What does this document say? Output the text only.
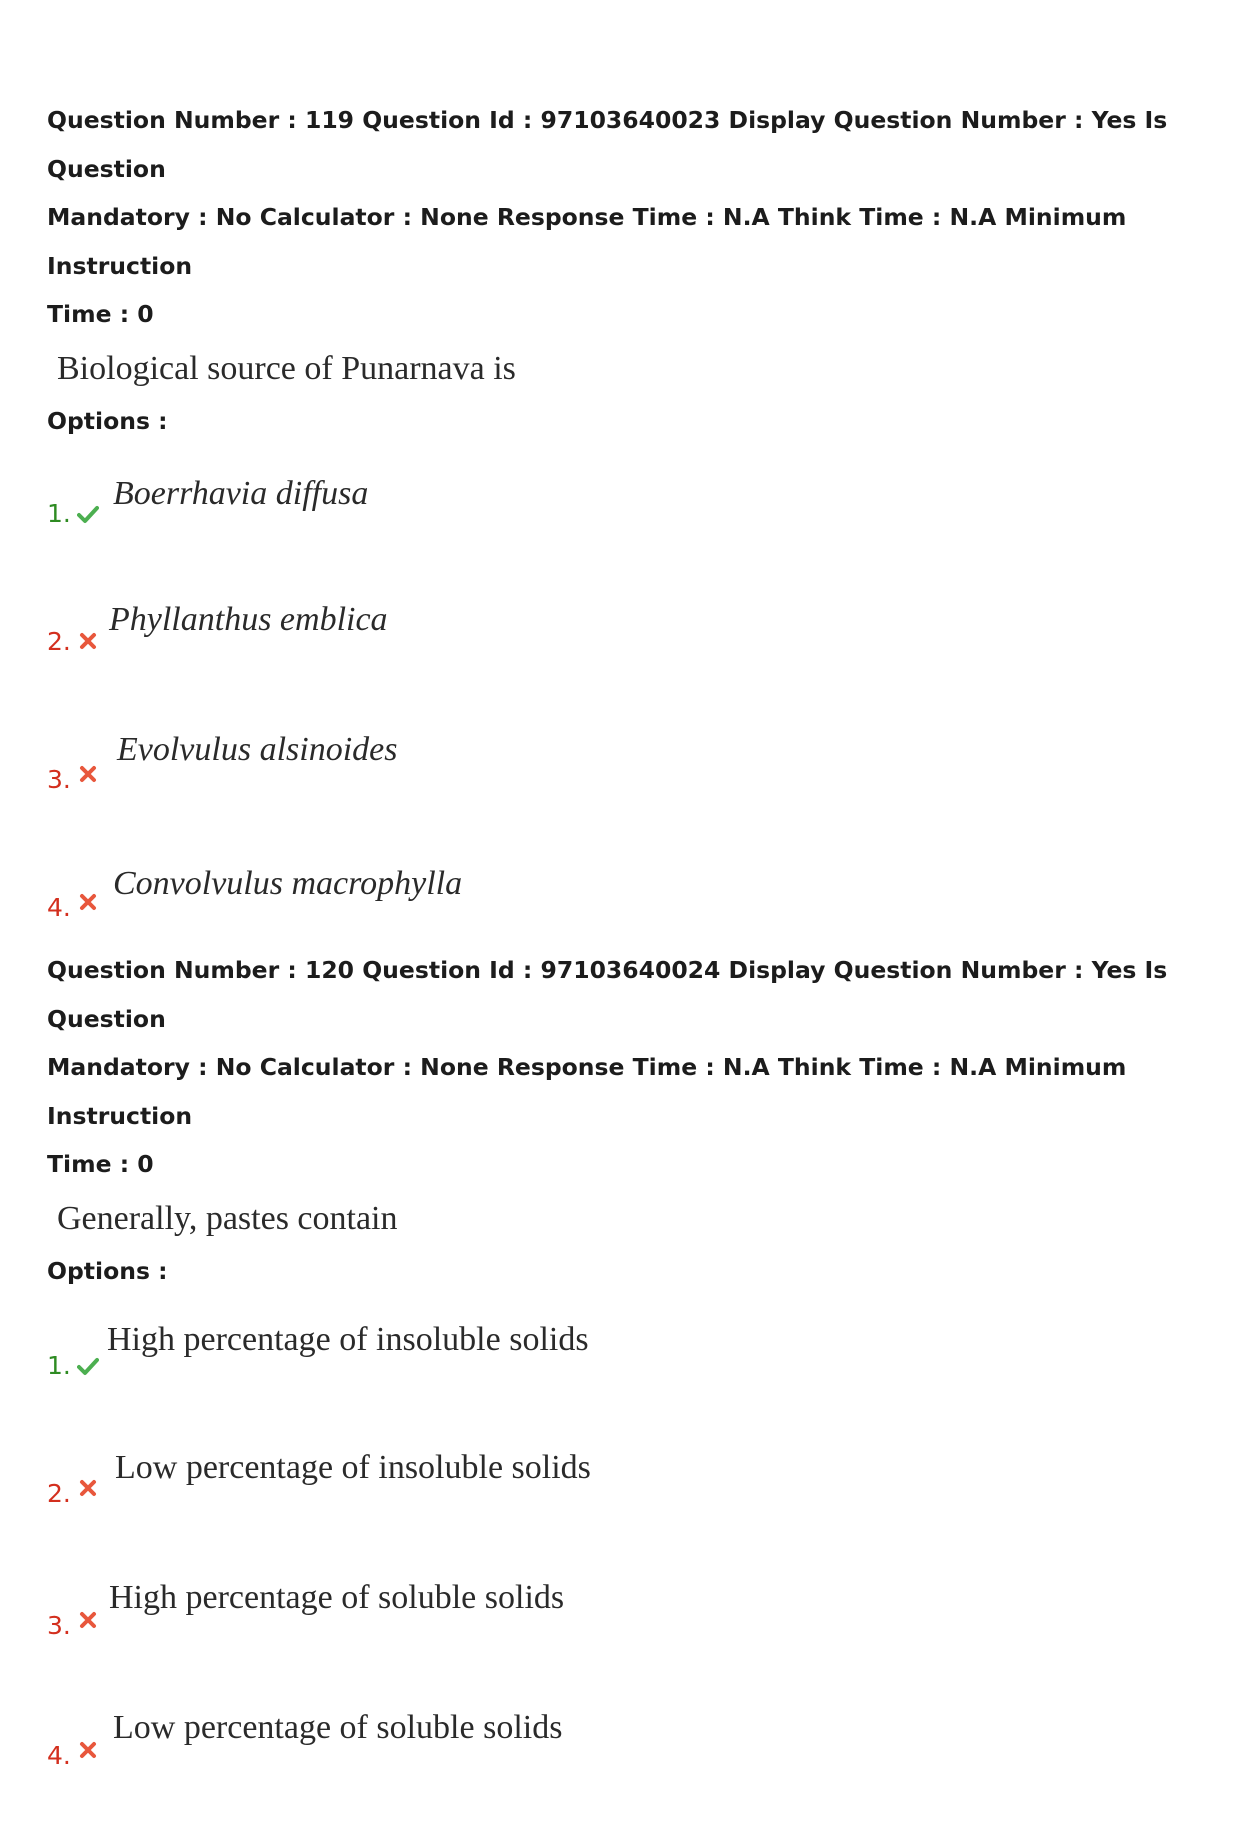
Question Number : 119 Question Id : 97103640023 Display Question Number : Yes Is Question
Mandatory : No Calculator : None Response Time : N.A Think Time : N.A Minimum Instruction
Time : 0

Biological source of Punarnava is

Options :

1.
Boerrhavia diffusa
2.
Phyllanthus emblica
3.
Evolvulus alsinoides
4.
Convolvulus macrophylla

Question Number : 120 Question Id : 97103640024 Display Question Number : Yes Is Question
Mandatory : No Calculator : None Response Time : N.A Think Time : N.A Minimum Instruction
Time : 0

Generally, pastes contain

Options :

1.
High percentage of insoluble solids
2.
Low percentage of insoluble solids
3.
High percentage of soluble solids
4.
Low percentage of soluble solids
